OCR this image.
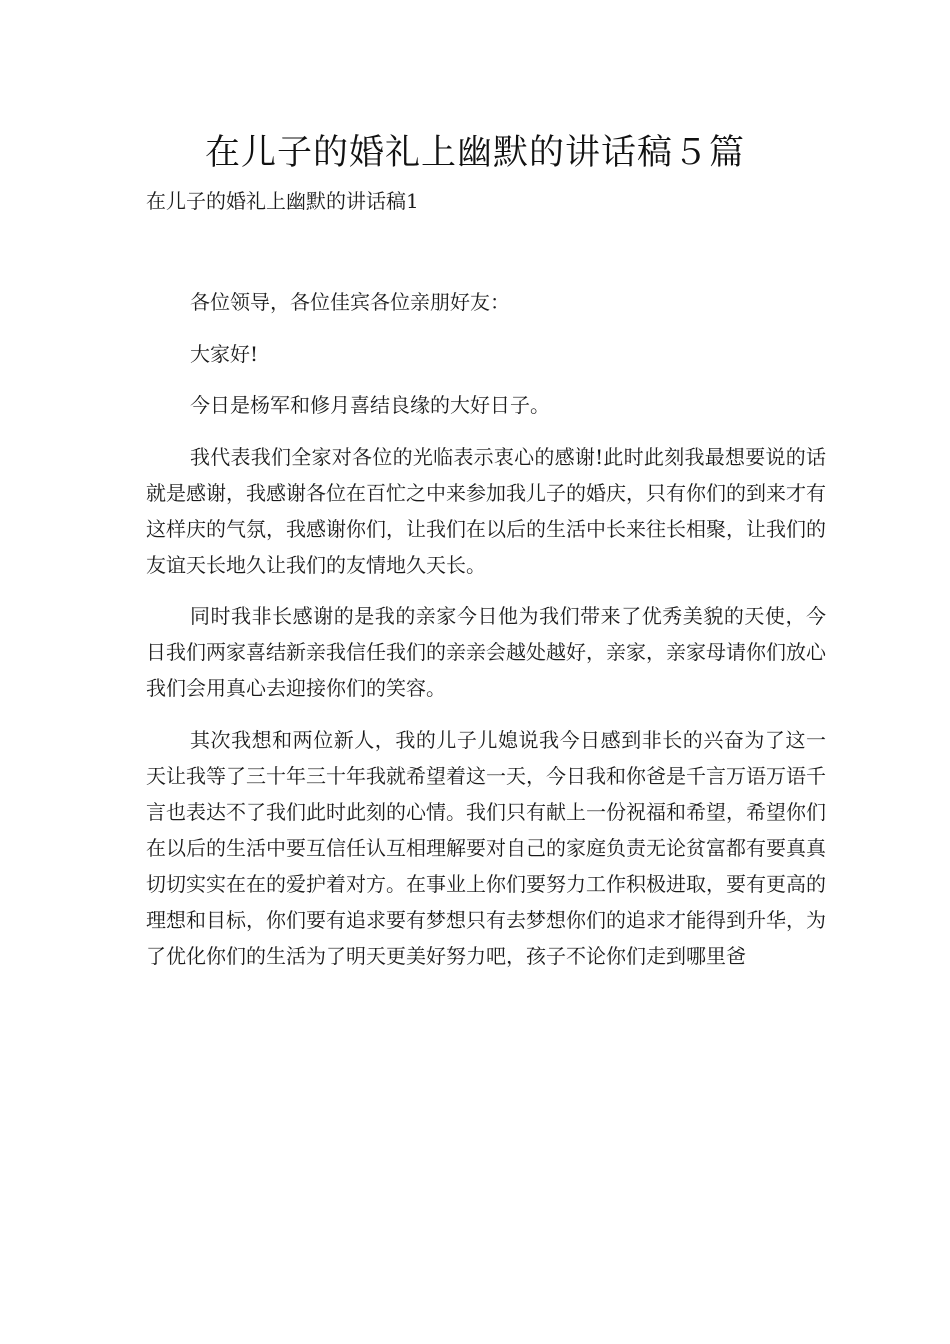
在儿子的婚礼上幽默的讲话稿５篇
在儿子的婚礼上幽默的讲话稿1

各位领导，各位佳宾各位亲朋好友：

大家好!

今日是杨军和修月喜结良缘的大好日子。

我代表我们全家对各位的光临表示衷心的感谢!此时此刻我最想要说的话就是感谢，我感谢各位在百忙之中来参加我儿子的婚庆，只有你们的到来才有这样庆的气氛，我感谢你们，让我们在以后的生活中长来往长相聚，让我们的友谊天长地久让我们的友情地久天长。

同时我非长感谢的是我的亲家今日他为我们带来了优秀美貌的天使，今日我们两家喜结新亲我信任我们的亲亲会越处越好，亲家，亲家母请你们放心我们会用真心去迎接你们的笑容。

其次我想和两位新人，我的儿子儿媳说我今日感到非长的兴奋为了这一天让我等了三十年三十年我就希望着这一天，今日我和你爸是千言万语万语千言也表达不了我们此时此刻的心情。我们只有献上一份祝福和希望，希望你们在以后的生活中要互信任认互相理解要对自己的家庭负责无论贫富都有要真真切切实实在在的爱护着对方。在事业上你们要努力工作积极进取，要有更高的理想和目标，你们要有追求要有梦想只有去梦想你们的追求才能得到升华，为了优化你们的生活为了明天更美好努力吧，孩子不论你们走到哪里爸
